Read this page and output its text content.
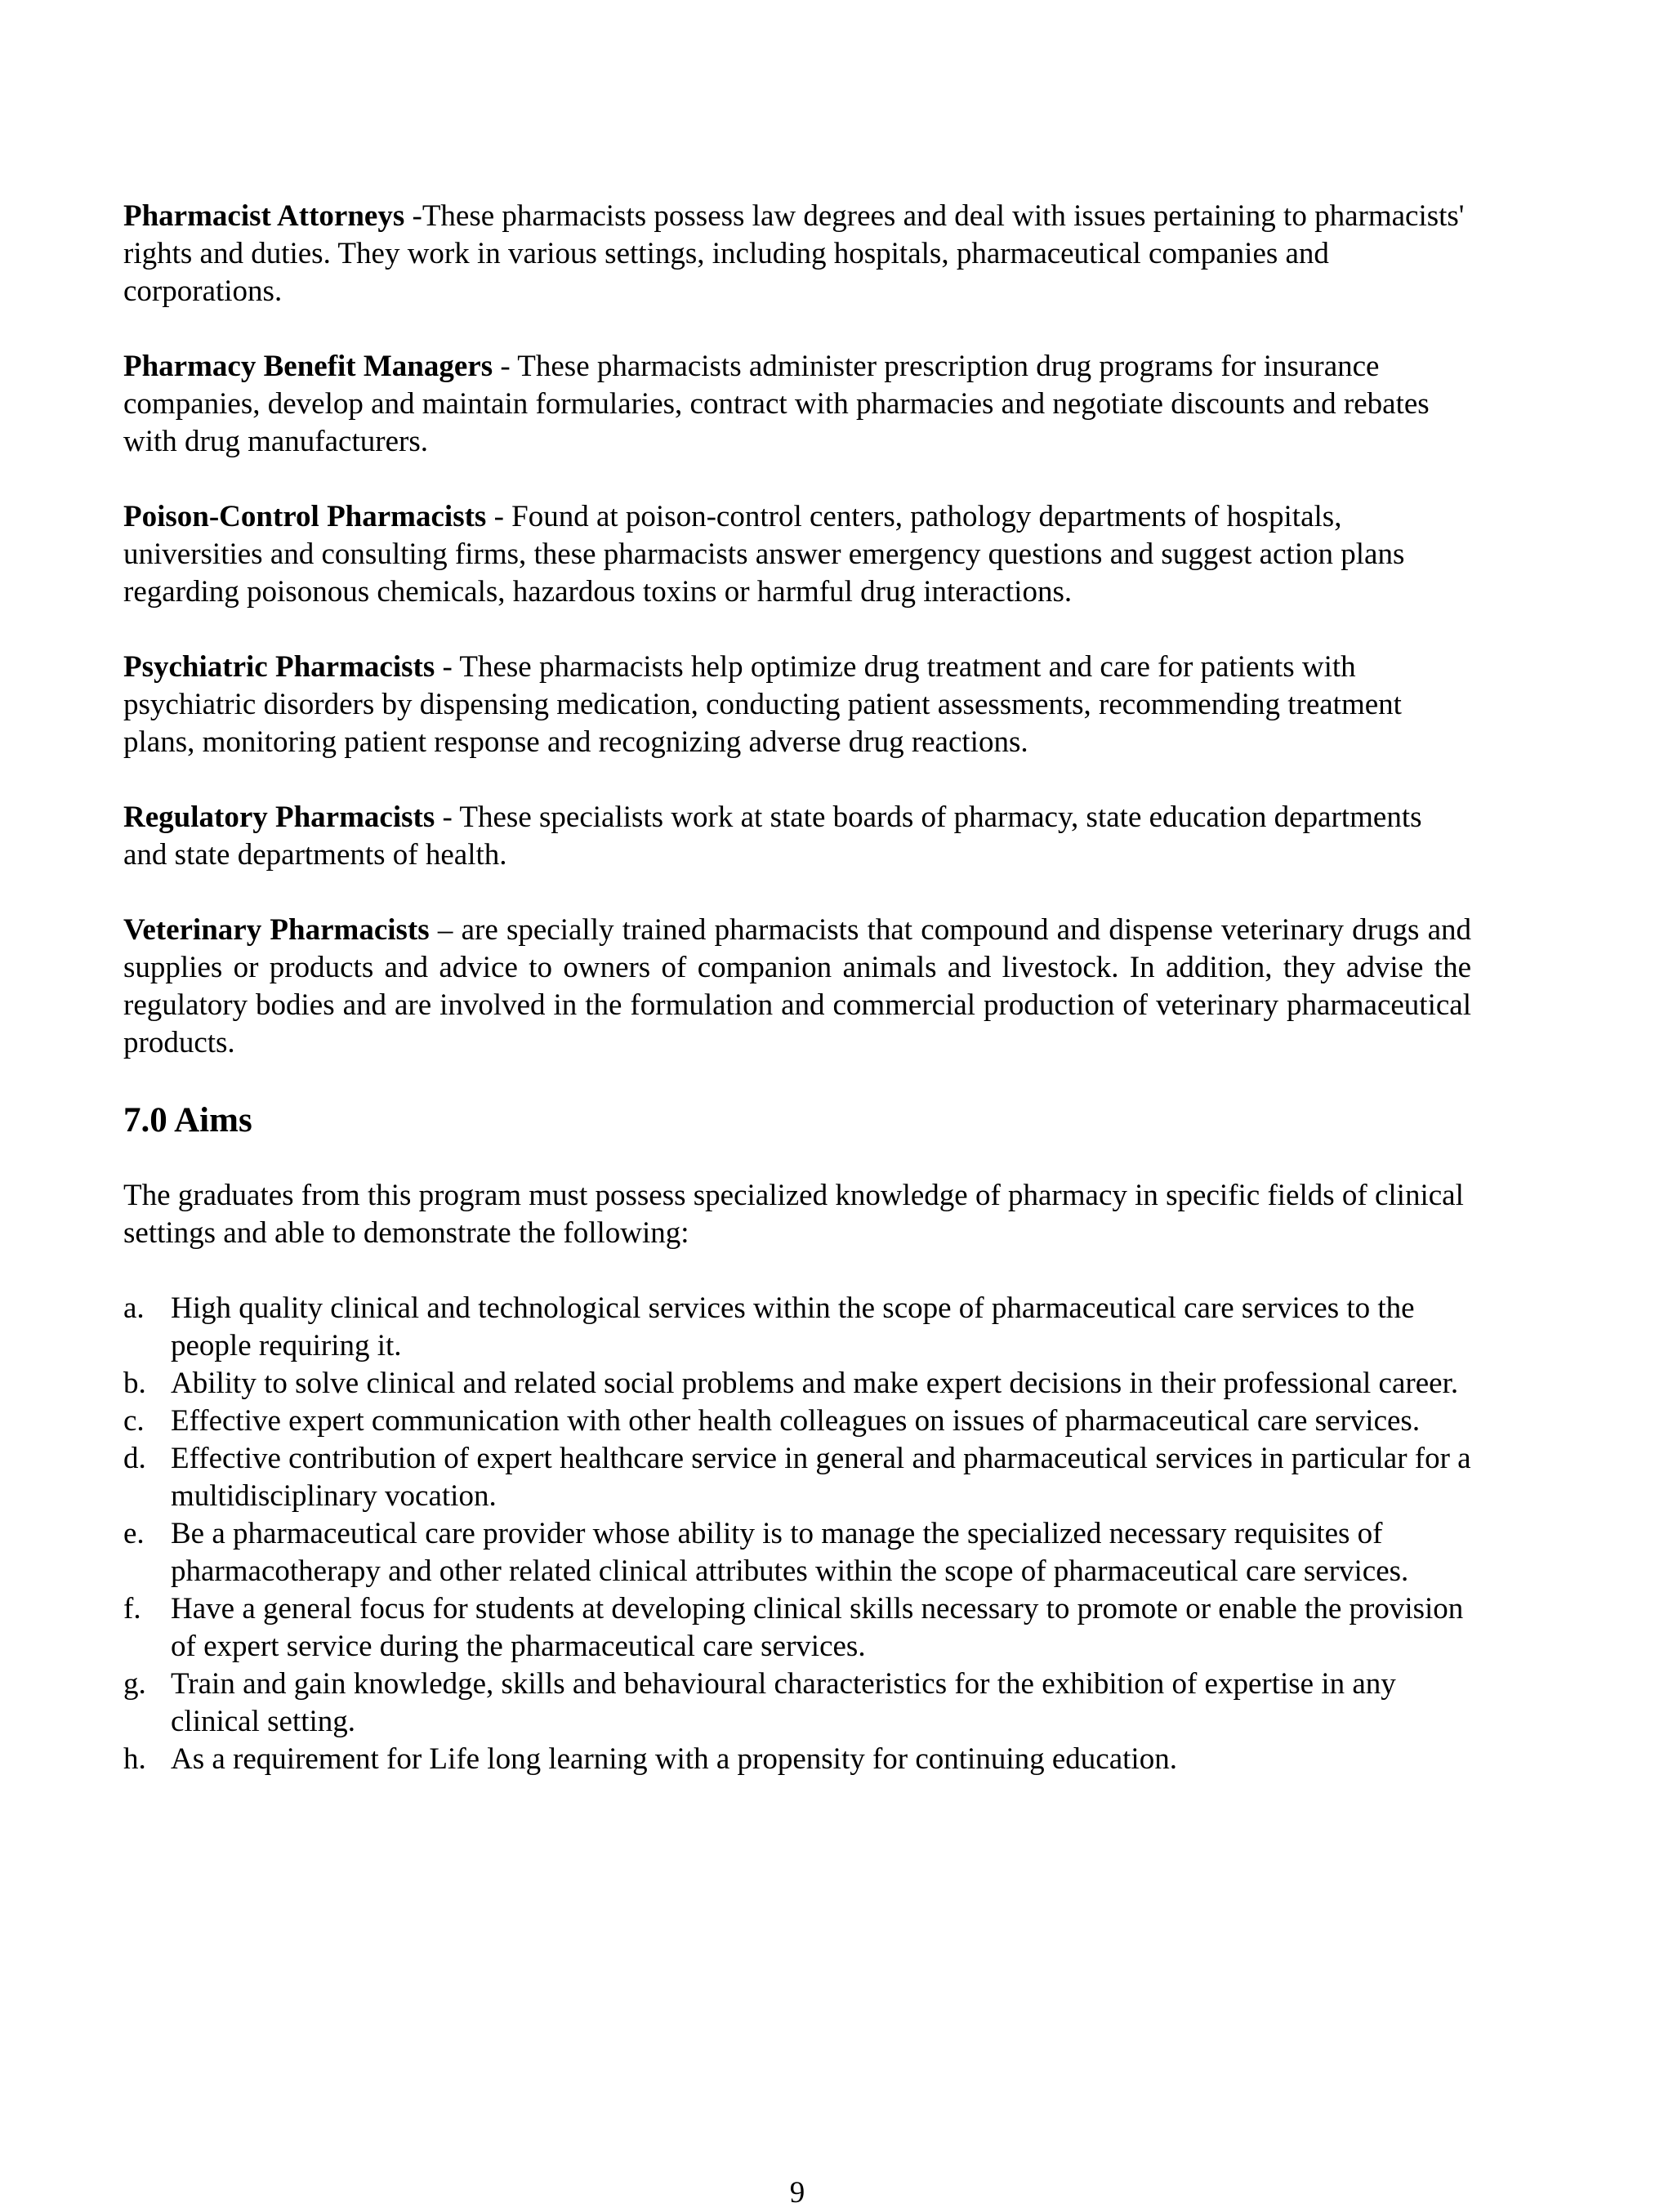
Pharmacist Attorneys -These pharmacists possess law degrees and deal with issues pertaining to pharmacists' rights and duties. They work in various settings, including hospitals, pharmaceutical companies and corporations.

Pharmacy Benefit Managers - These pharmacists administer prescription drug programs for insurance companies, develop and maintain formularies, contract with pharmacies and negotiate discounts and rebates with drug manufacturers.

Poison-Control Pharmacists - Found at poison-control centers, pathology departments of hospitals, universities and consulting firms, these pharmacists answer emergency questions and suggest action plans regarding poisonous chemicals, hazardous toxins or harmful drug interactions.

Psychiatric Pharmacists - These pharmacists help optimize drug treatment and care for patients with psychiatric disorders by dispensing medication, conducting patient assessments, recommending treatment plans, monitoring patient response and recognizing adverse drug reactions.

Regulatory Pharmacists - These specialists work at state boards of pharmacy, state education departments and state departments of health.

Veterinary Pharmacists – are specially trained pharmacists that compound and dispense veterinary drugs and supplies or products and advice to owners of companion animals and livestock. In addition, they advise the regulatory bodies and are involved in the formulation and commercial production of veterinary pharmaceutical products.

7.0 Aims

The graduates from this program must possess specialized knowledge of pharmacy in specific fields of clinical settings and able to demonstrate the following:

a. High quality clinical and technological services within the scope of pharmaceutical care services to the people requiring it.
b. Ability to solve clinical and related social problems and make expert decisions in their professional career.
c. Effective expert communication with other health colleagues on issues of pharmaceutical care services.
d. Effective contribution of expert healthcare service in general and pharmaceutical services in particular for a multidisciplinary vocation.
e. Be a pharmaceutical care provider whose ability is to manage the specialized necessary requisites of pharmacotherapy and other related clinical attributes within the scope of pharmaceutical care services.
f. Have a general focus for students at developing clinical skills necessary to promote or enable the provision of expert service during the pharmaceutical care services.
g. Train and gain knowledge, skills and behavioural characteristics for the exhibition of expertise in any clinical setting.
h. As a requirement for Life long learning with a propensity for continuing education.
9
